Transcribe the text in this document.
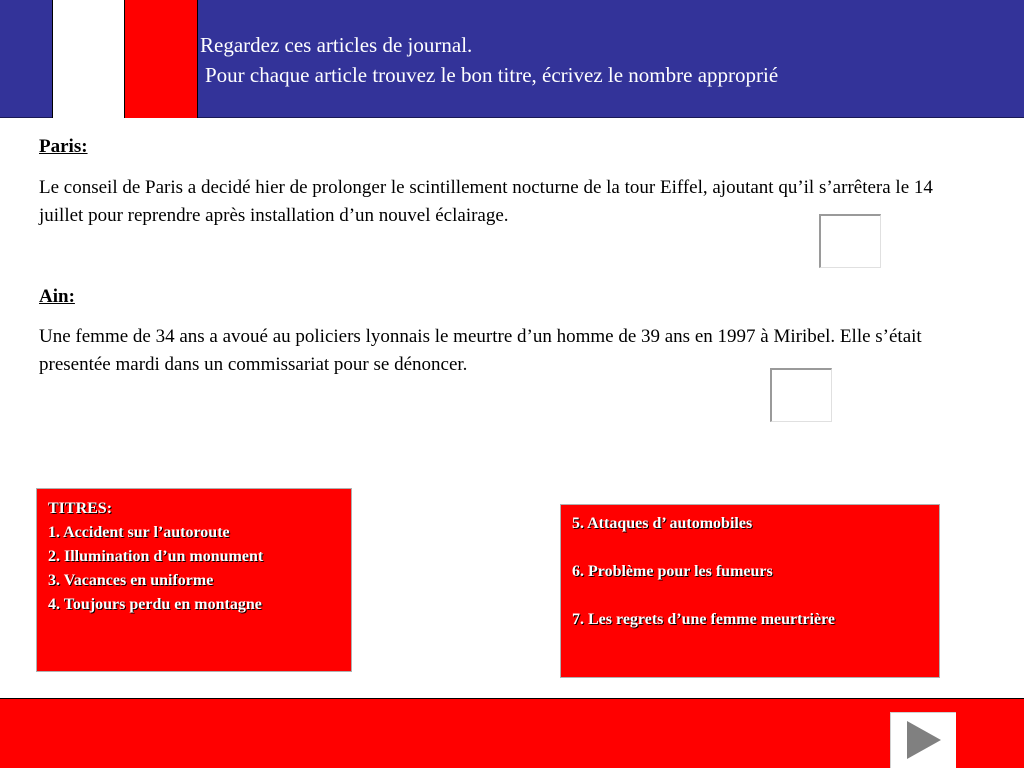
Regardez ces articles de journal.
Pour chaque article trouvez le bon titre, écrivez le nombre approprié
Paris:
Le conseil de Paris a decidé hier de prolonger le scintillement nocturne de la tour Eiffel, ajoutant qu’il s’arrêtera le 14 juillet pour reprendre après installation d’un nouvel éclairage.
Ain:
Une femme de 34 ans a avoué au policiers lyonnais le meurtre d’un homme de 39 ans en 1997 à Miribel. Elle s’était presentée mardi dans un commissariat pour se dénoncer.
TITRES:
1. Accident sur l’autoroute
2. Illumination d’un monument
3. Vacances en uniforme
4. Toujours perdu en montagne
5. Attaques d’ automobiles
6. Problème pour les fumeurs
7. Les regrets d’une femme meurtrière
